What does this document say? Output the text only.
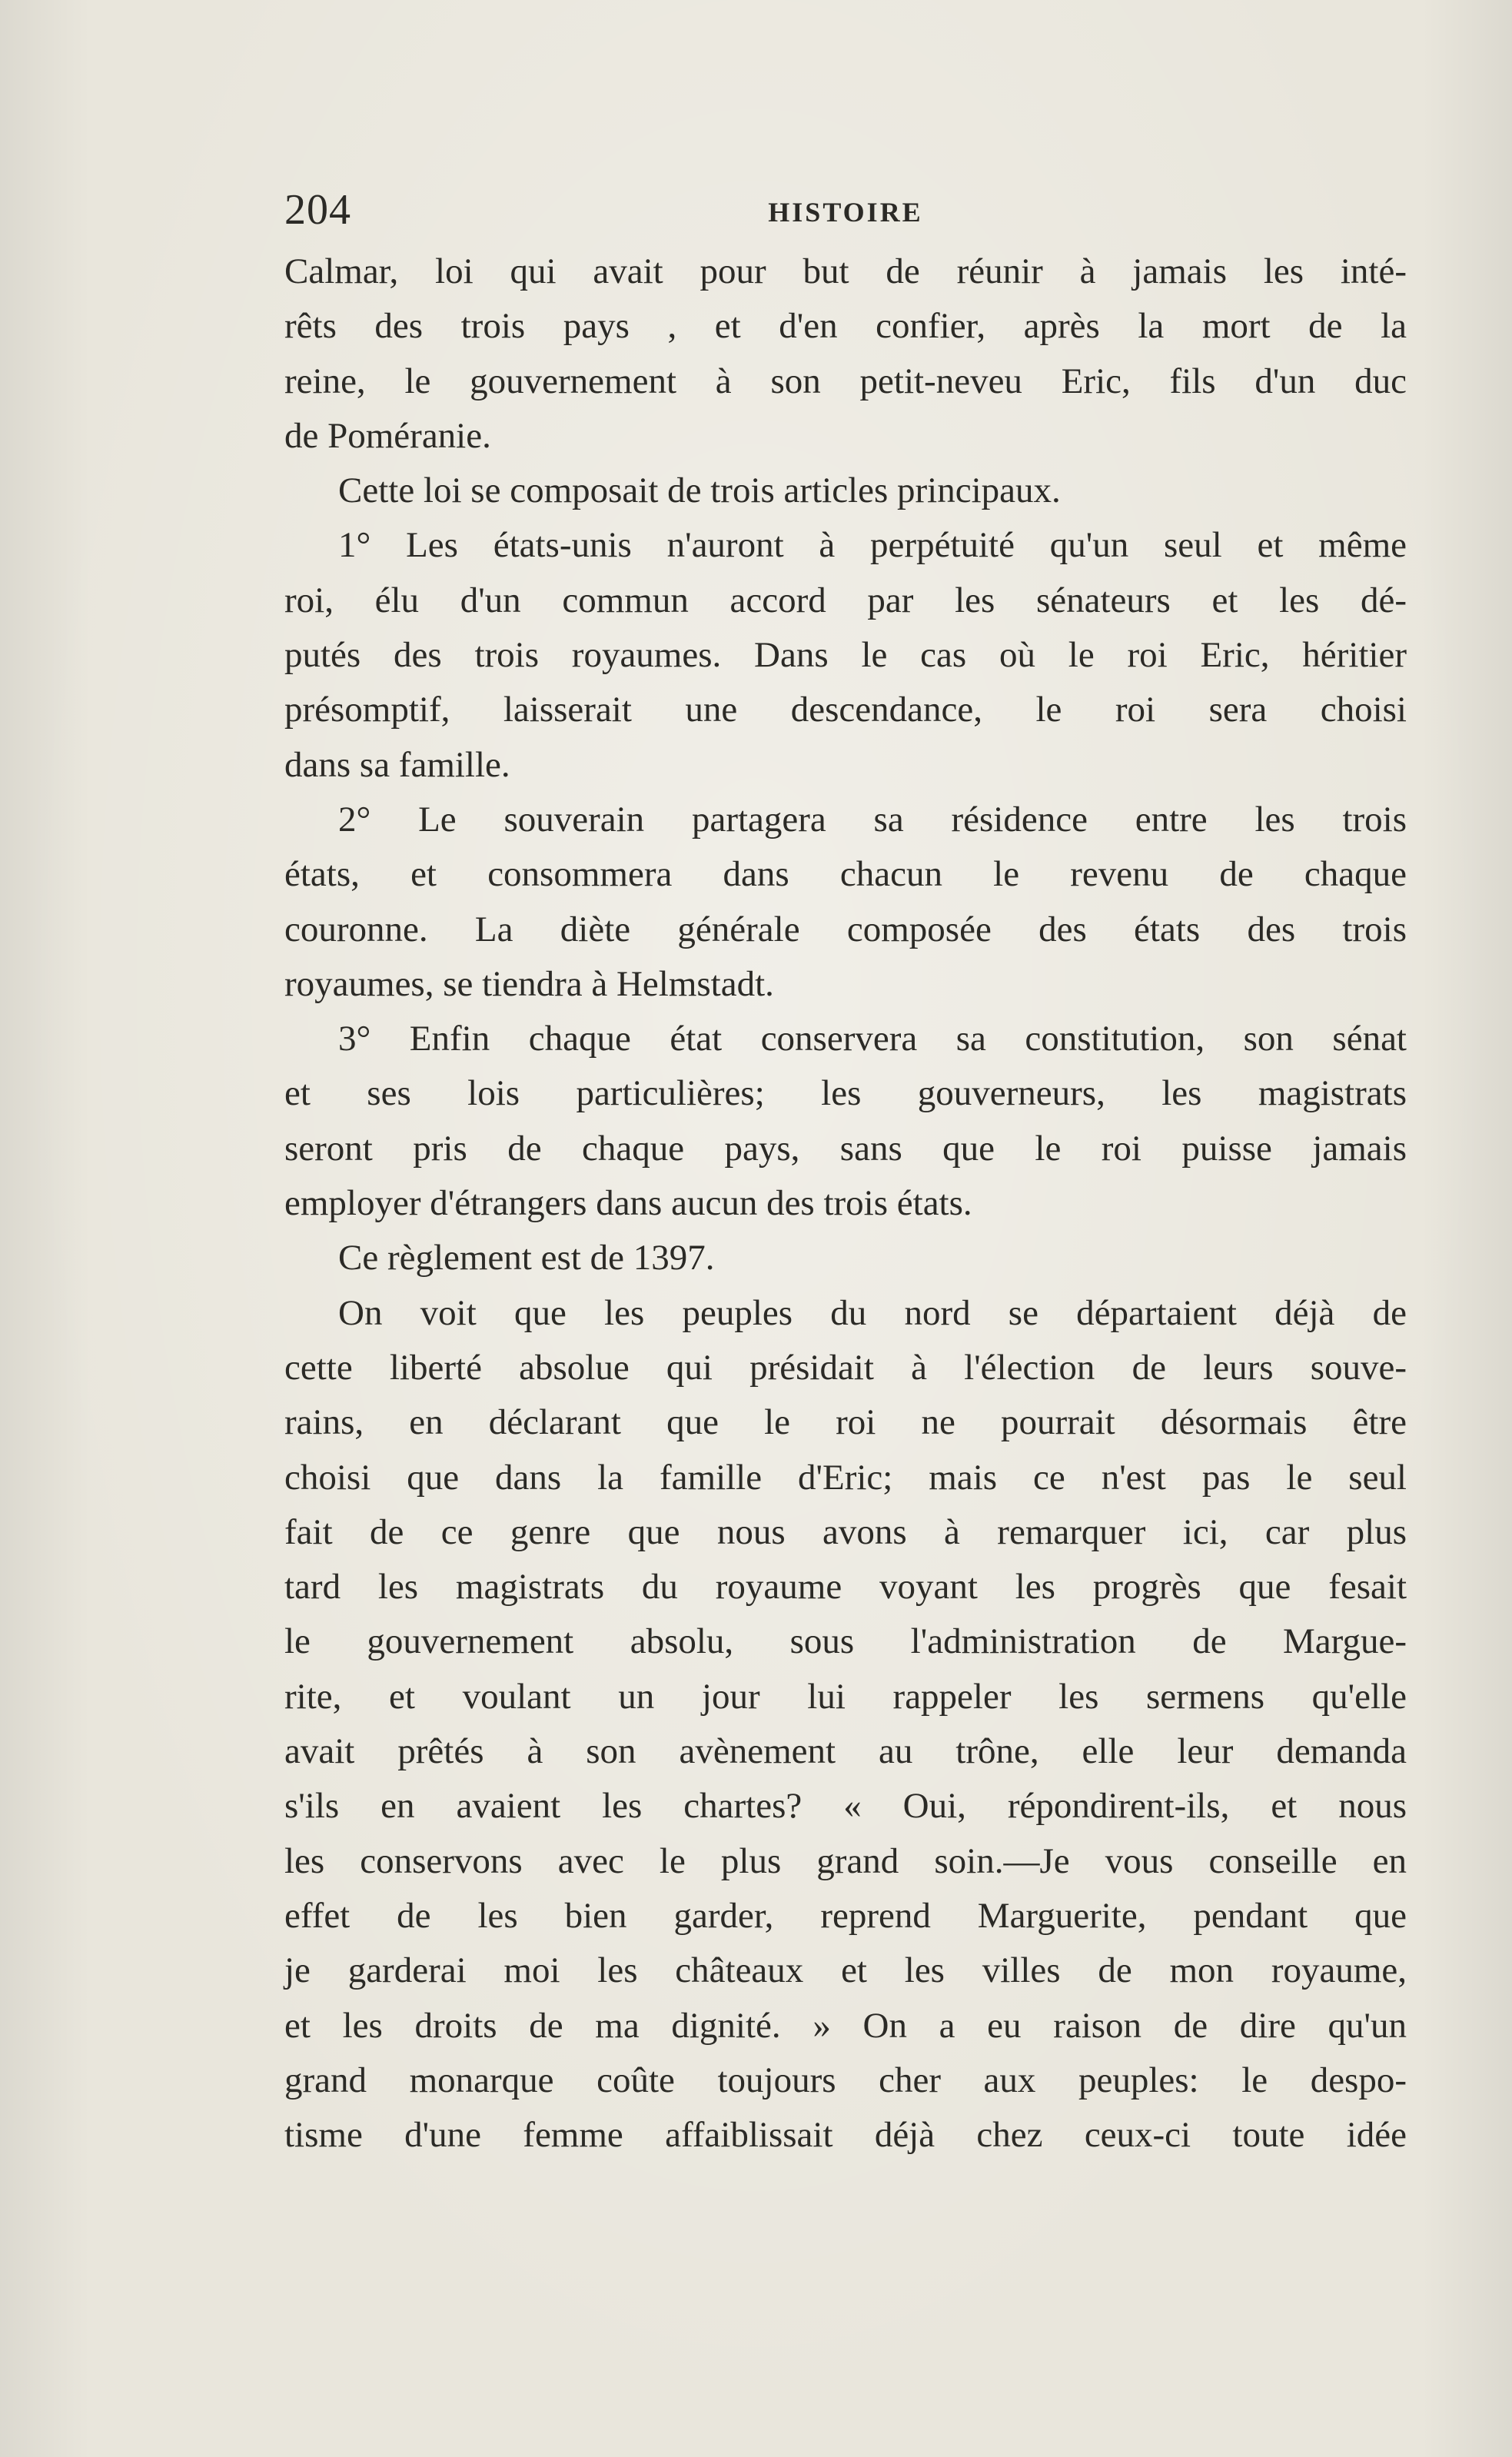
204	HISTOIRE
Calmar, loi qui avait pour but de réunir à jamais les inté-
rêts des trois pays , et d'en confier, après la mort de la
reine, le gouvernement à son petit-neveu Eric, fils d'un duc
de Poméranie.
Cette loi se composait de trois articles principaux.
1° Les états-unis n'auront à perpétuité qu'un seul et même
roi, élu d'un commun accord par les sénateurs et les dé-
putés des trois royaumes. Dans le cas où le roi Eric, héritier
présomptif, laisserait une descendance, le roi sera choisi
dans sa famille.
2° Le souverain partagera sa résidence entre les trois
états, et consommera dans chacun le revenu de chaque
couronne. La diète générale composée des états des trois
royaumes, se tiendra à Helmstadt.
3° Enfin chaque état conservera sa constitution, son sénat
et ses lois particulières; les gouverneurs, les magistrats
seront pris de chaque pays, sans que le roi puisse jamais
employer d'étrangers dans aucun des trois états.
Ce règlement est de 1397.
On voit que les peuples du nord se départaient déjà de
cette liberté absolue qui présidait à l'élection de leurs souve-
rains, en déclarant que le roi ne pourrait désormais être
choisi que dans la famille d'Eric; mais ce n'est pas le seul
fait de ce genre que nous avons à remarquer ici, car plus
tard les magistrats du royaume voyant les progrès que fesait
le gouvernement absolu, sous l'administration de Margue-
rite, et voulant un jour lui rappeler les sermens qu'elle
avait prêtés à son avènement au trône, elle leur demanda
s'ils en avaient les chartes? « Oui, répondirent-ils, et nous
les conservons avec le plus grand soin.—Je vous conseille en
effet de les bien garder, reprend Marguerite, pendant que
je garderai moi les châteaux et les villes de mon royaume,
et les droits de ma dignité. » On a eu raison de dire qu'un
grand monarque coûte toujours cher aux peuples: le despo-
tisme d'une femme affaiblissait déjà chez ceux-ci toute idée
